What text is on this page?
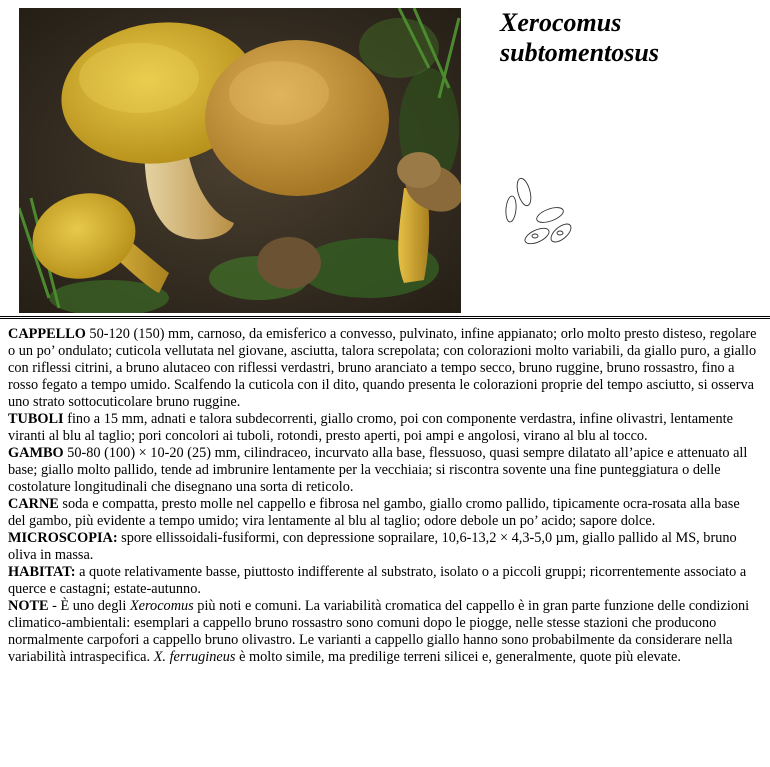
Xerocomus
subtomentosus

CAPPELLO 50-120 (150) mm, carnoso, da emisferico a convesso, pulvinato, infine appianato; orlo molto presto disteso, regolare o un po’ ondulato; cuticola vellutata nel giovane, asciutta, talora screpolata; con colorazioni molto variabili, da giallo puro, a giallo con riflessi citrini, a bruno alutaceo con riflessi verdastri, bruno aranciato a tempo secco, bruno ruggine, bruno rossastro, fino a rosso fegato a tempo umido. Scalfendo la cuticola con il dito, quando presenta le colorazioni proprie del tempo asciutto, si osserva uno strato sottocuticolare bruno ruggine.

TUBOLI fino a 15 mm, adnati e talora subdecorrenti, giallo cromo, poi con componente verdastra, infine olivastri, lentamente viranti al blu al taglio; pori concolori ai tuboli, rotondi, presto aperti, poi ampi e angolosi, virano al blu al tocco.

GAMBO 50-80 (100) × 10-20 (25) mm, cilindraceo, incurvato alla base, flessuoso, quasi sempre dilatato all’apice e attenuato all base; giallo molto pallido, tende ad imbrunire lentamente per la vecchiaia; si riscontra sovente una fine punteggiatura o delle costolature longitudinali che disegnano una sorta di reticolo.

CARNE soda e compatta, presto molle nel cappello e fibrosa nel gambo, giallo cromo pallido, tipicamente ocra-rosata alla base del gambo, più evidente a tempo umido; vira lentamente al blu al taglio; odore debole un po’ acido; sapore dolce.

MICROSCOPIA: spore ellissoidali-fusiformi, con depressione soprailare, 10,6-13,2 × 4,3-5,0 µm, giallo pallido al MS, bruno oliva in massa.

HABITAT: a quote relativamente basse, piuttosto indifferente al substrato, isolato o a piccoli gruppi; ricorrentemente associato a querce e castagni; estate-autunno.

NOTE - È uno degli Xerocomus più noti e comuni. La variabilità cromatica del cappello è in gran parte funzione delle condizioni climatico-ambientali: esemplari a cappello bruno rossastro sono comuni dopo le piogge, nelle stesse stazioni che producono normalmente carpofori a cappello bruno olivastro. Le varianti a cappello giallo hanno sono probabilmente da considerare nella variabilità intraspecifica. X. ferrugineus è molto simile, ma predilige terreni silicei e, generalmente, quote più elevate.
